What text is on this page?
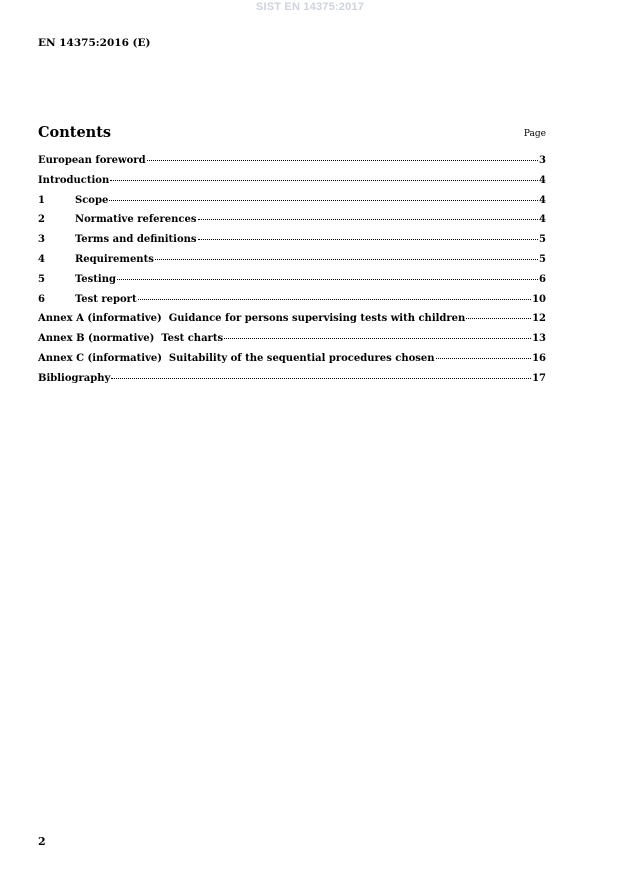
SIST EN 14375:2017
EN 14375:2016 (E)
Contents	Page
European foreword	3
Introduction	4
1	Scope	4
2	Normative references	4
3	Terms and definitions	5
4	Requirements	5
5	Testing	6
6	Test report	10
Annex A (informative)  Guidance for persons supervising tests with children	12
Annex B (normative)  Test charts	13
Annex C (informative)  Suitability of the sequential procedures chosen	16
Bibliography	17
2
